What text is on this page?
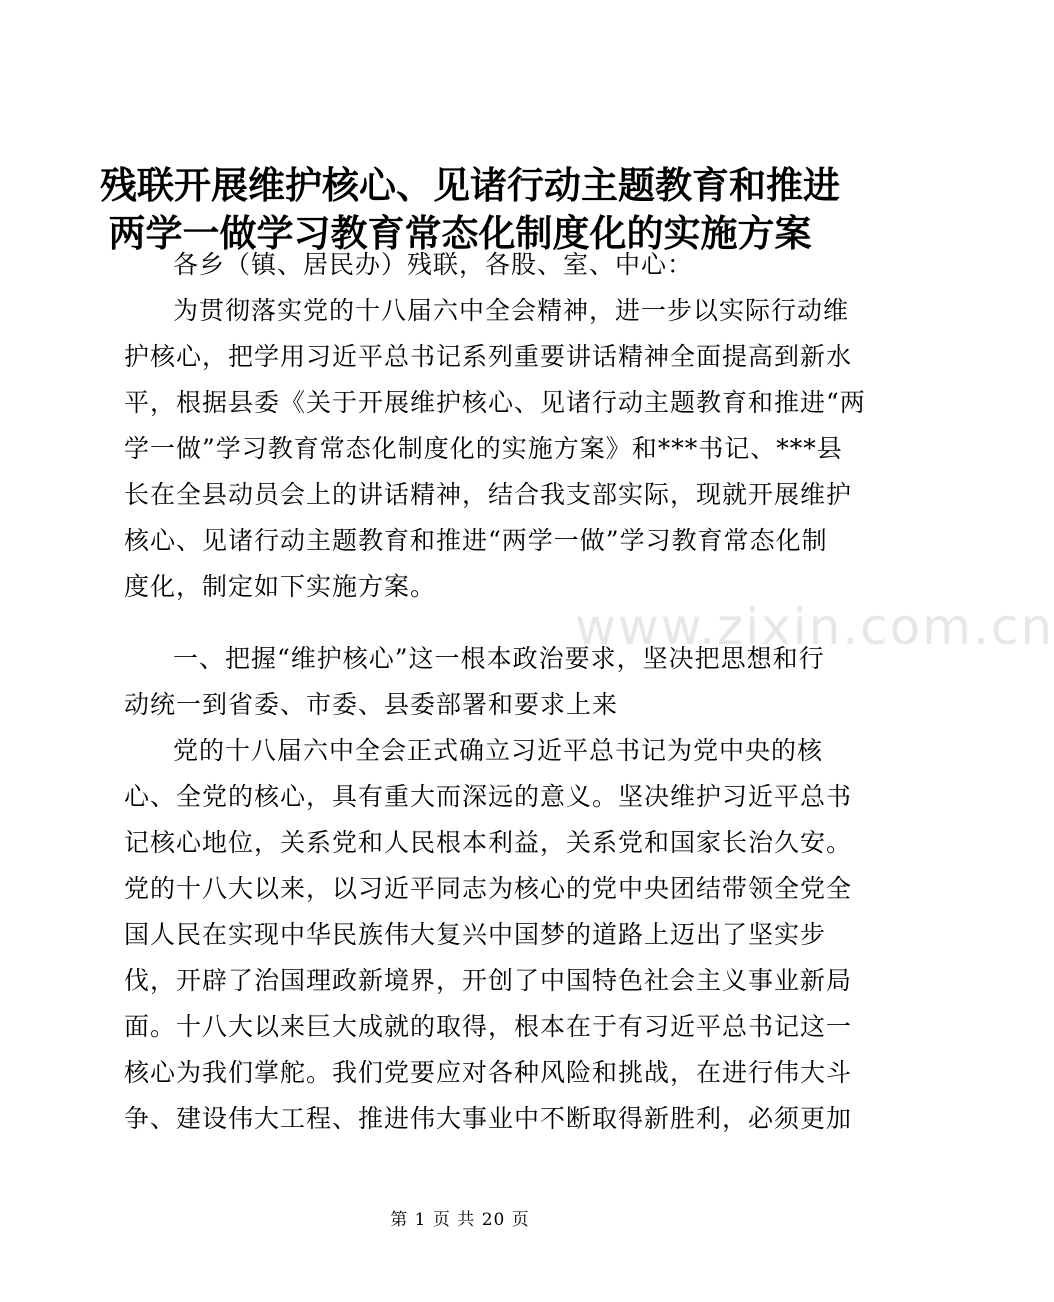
残联开展维护核心、见诸行动主题教育和推进
两学一做学习教育常态化制度化的实施方案
各乡（镇、居民办）残联，各股、室、中心：
为贯彻落实党的十八届六中全会精神，进一步以实际行动维
护核心，把学用习近平总书记系列重要讲话精神全面提高到新水
平，根据县委《关于开展维护核心、见诸行动主题教育和推进“两
学一做”学习教育常态化制度化的实施方案》和***书记、***县
长在全县动员会上的讲话精神，结合我支部实际，现就开展维护
核心、见诸行动主题教育和推进“两学一做”学习教育常态化制
度化，制定如下实施方案。
一、把握“维护核心”这一根本政治要求，坚决把思想和行
动统一到省委、市委、县委部署和要求上来
党的十八届六中全会正式确立习近平总书记为党中央的核
心、全党的核心，具有重大而深远的意义。坚决维护习近平总书
记核心地位，关系党和人民根本利益，关系党和国家长治久安。
党的十八大以来，以习近平同志为核心的党中央团结带领全党全
国人民在实现中华民族伟大复兴中国梦的道路上迈出了坚实步
伐，开辟了治国理政新境界，开创了中国特色社会主义事业新局
面。十八大以来巨大成就的取得，根本在于有习近平总书记这一
核心为我们掌舵。我们党要应对各种风险和挑战，在进行伟大斗
争、建设伟大工程、推进伟大事业中不断取得新胜利，必须更加
www.zixin.com.cn
第 1 页 共 20 页
